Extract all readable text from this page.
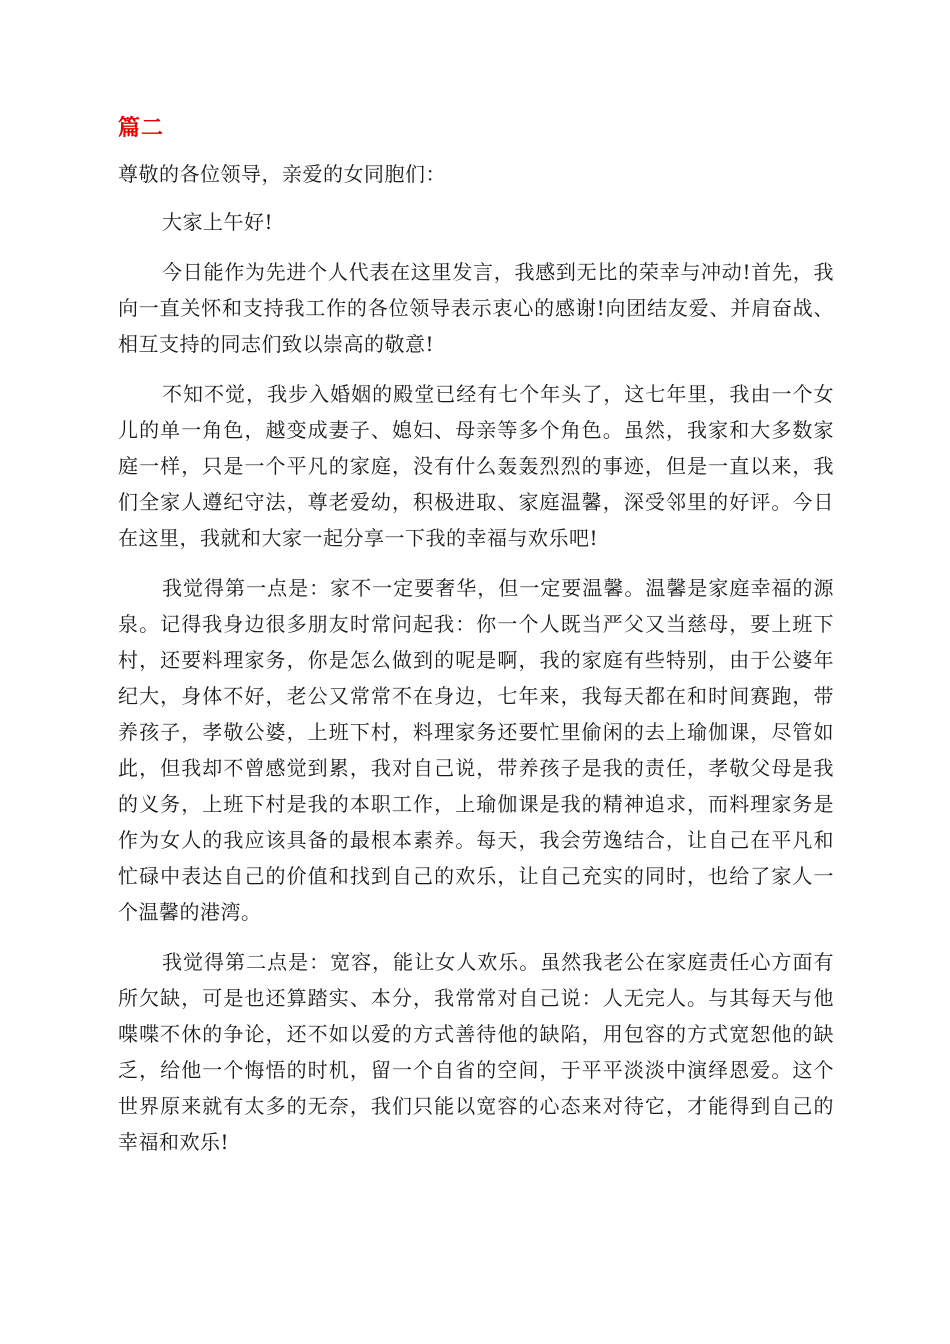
篇二
尊敬的各位领导，亲爱的女同胞们：

大家上午好!

今日能作为先进个人代表在这里发言，我感到无比的荣幸与冲动!首先，我向一直关怀和支持我工作的各位领导表示衷心的感谢!向团结友爱、并肩奋战、相互支持的同志们致以崇高的敬意!

不知不觉，我步入婚姻的殿堂已经有七个年头了，这七年里，我由一个女儿的单一角色，越变成妻子、媳妇、母亲等多个角色。虽然，我家和大多数家庭一样，只是一个平凡的家庭，没有什么轰轰烈烈的事迹，但是一直以来，我们全家人遵纪守法，尊老爱幼，积极进取、家庭温馨，深受邻里的好评。今日在这里，我就和大家一起分享一下我的幸福与欢乐吧!

我觉得第一点是：家不一定要奢华，但一定要温馨。温馨是家庭幸福的源泉。记得我身边很多朋友时常问起我：你一个人既当严父又当慈母，要上班下村，还要料理家务，你是怎么做到的呢是啊，我的家庭有些特别，由于公婆年纪大，身体不好，老公又常常不在身边，七年来，我每天都在和时间赛跑，带养孩子，孝敬公婆，上班下村，料理家务还要忙里偷闲的去上瑜伽课，尽管如此，但我却不曾感觉到累，我对自己说，带养孩子是我的责任，孝敬父母是我的义务，上班下村是我的本职工作，上瑜伽课是我的精神追求，而料理家务是作为女人的我应该具备的最根本素养。每天，我会劳逸结合，让自己在平凡和忙碌中表达自己的价值和找到自己的欢乐，让自己充实的同时，也给了家人一个温馨的港湾。

我觉得第二点是：宽容，能让女人欢乐。虽然我老公在家庭责任心方面有所欠缺，可是也还算踏实、本分，我常常对自己说：人无完人。与其每天与他喋喋不休的争论，还不如以爱的方式善待他的缺陷，用包容的方式宽恕他的缺乏，给他一个悔悟的时机，留一个自省的空间，于平平淡淡中演绎恩爱。这个世界原来就有太多的无奈，我们只能以宽容的心态来对待它，才能得到自己的幸福和欢乐!
